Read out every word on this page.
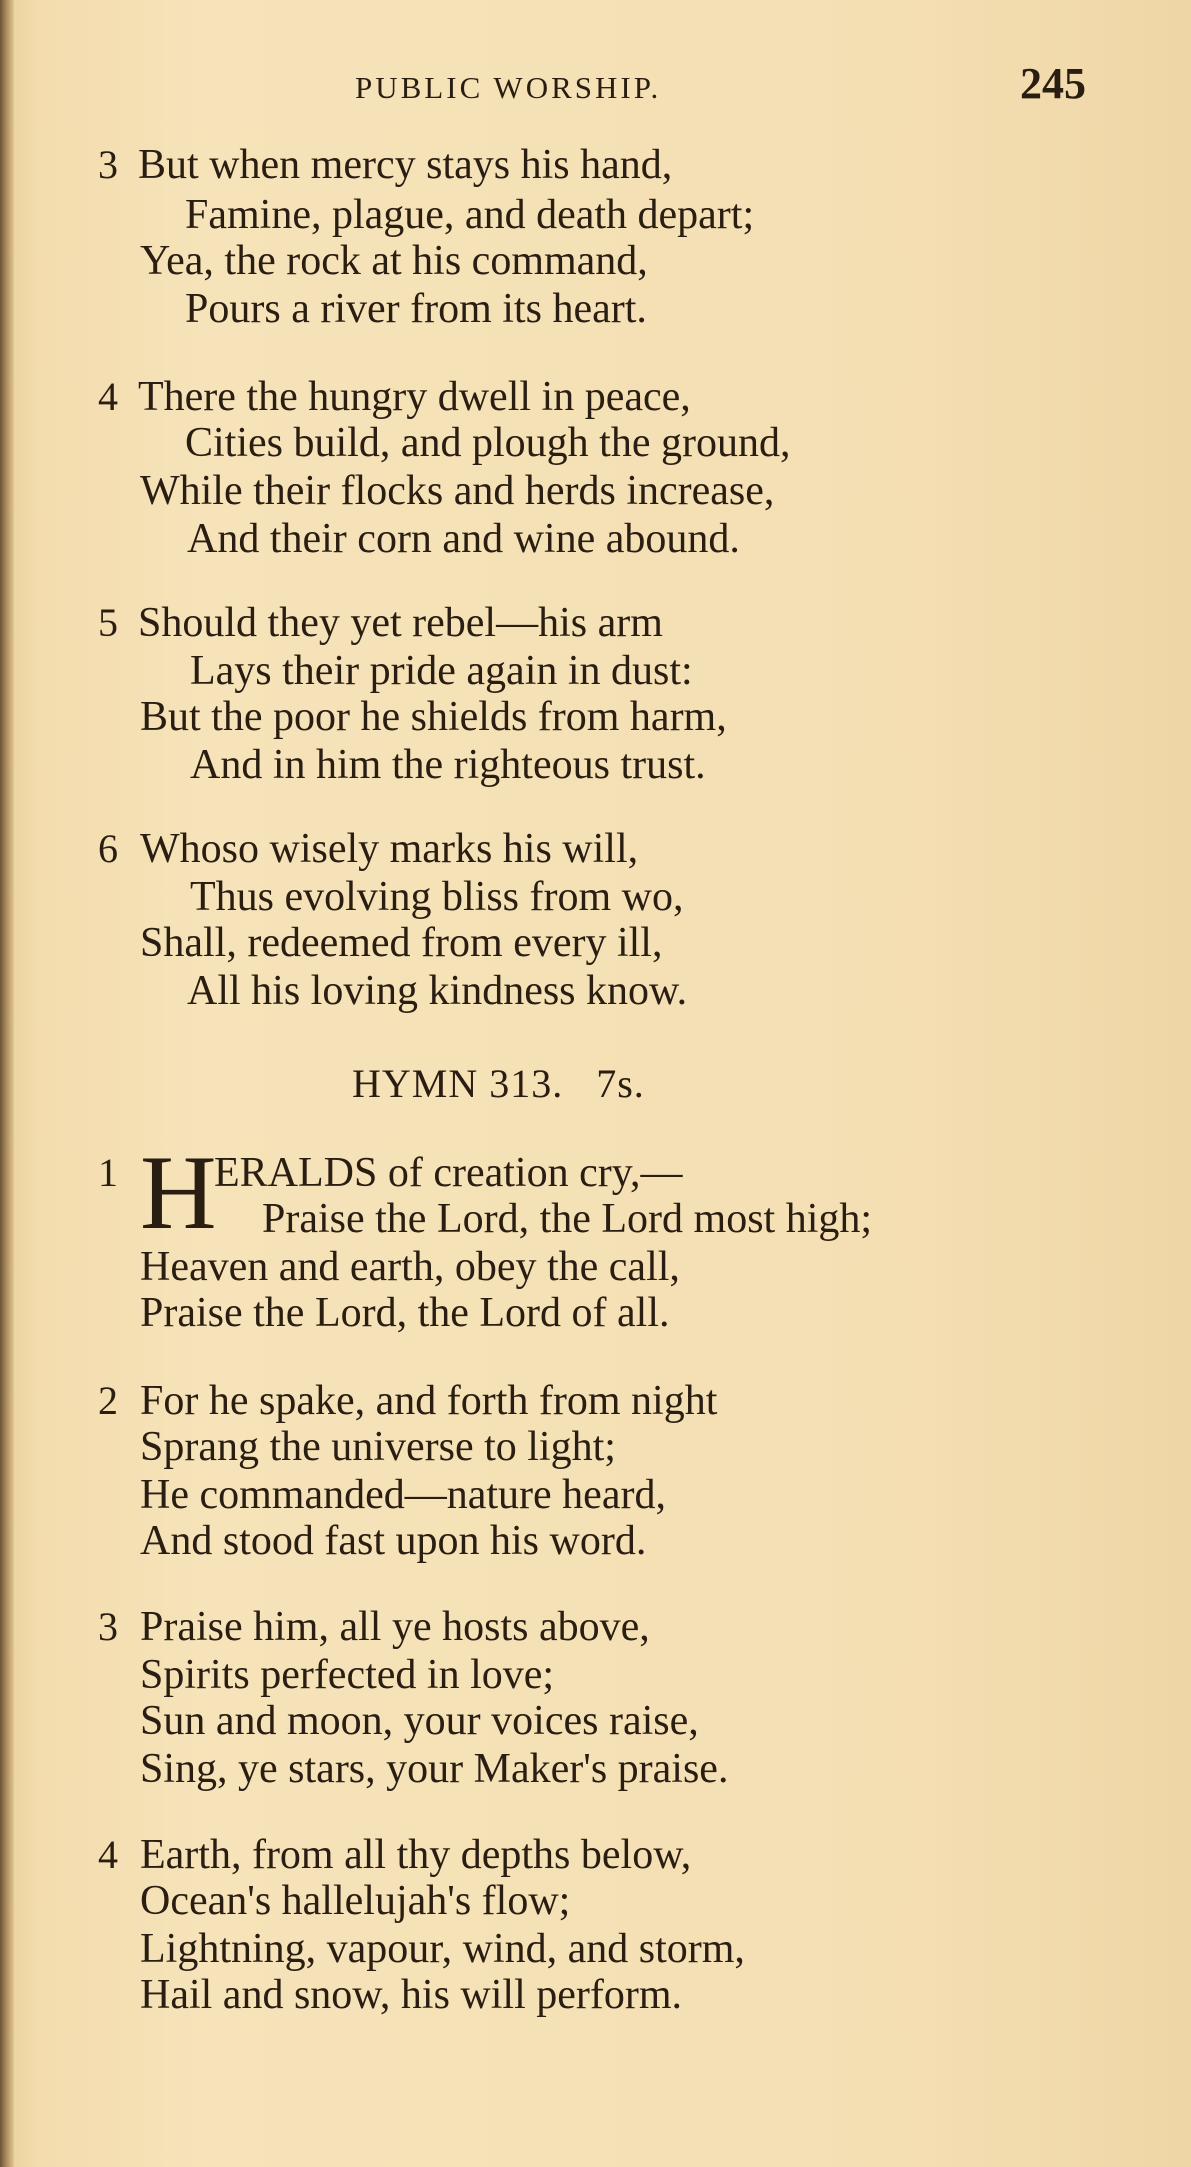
PUBLIC WORSHIP.	245
3 But when mercy stays his hand,
Famine, plague, and death depart;
Yea, the rock at his command,
Pours a river from its heart.
4 There the hungry dwell in peace,
Cities build, and plough the ground,
While their flocks and herds increase,
And their corn and wine abound.
5 Should they yet rebel—his arm
Lays their pride again in dust:
But the poor he shields from harm,
And in him the righteous trust.
6 Whoso wisely marks his will,
Thus evolving bliss from wo,
Shall, redeemed from every ill,
All his loving kindness know.
HYMN 313. 7s.
1 H
ERALDS of creation cry,—
Praise the Lord, the Lord most high;
Heaven and earth, obey the call,
Praise the Lord, the Lord of all.
2 For he spake, and forth from night
Sprang the universe to light;
He commanded—nature heard,
And stood fast upon his word.
3 Praise him, all ye hosts above,
Spirits perfected in love;
Sun and moon, your voices raise,
Sing, ye stars, your Maker's praise.
4 Earth, from all thy depths below,
Ocean's hallelujah's flow;
Lightning, vapour, wind, and storm,
Hail and snow, his will perform.
